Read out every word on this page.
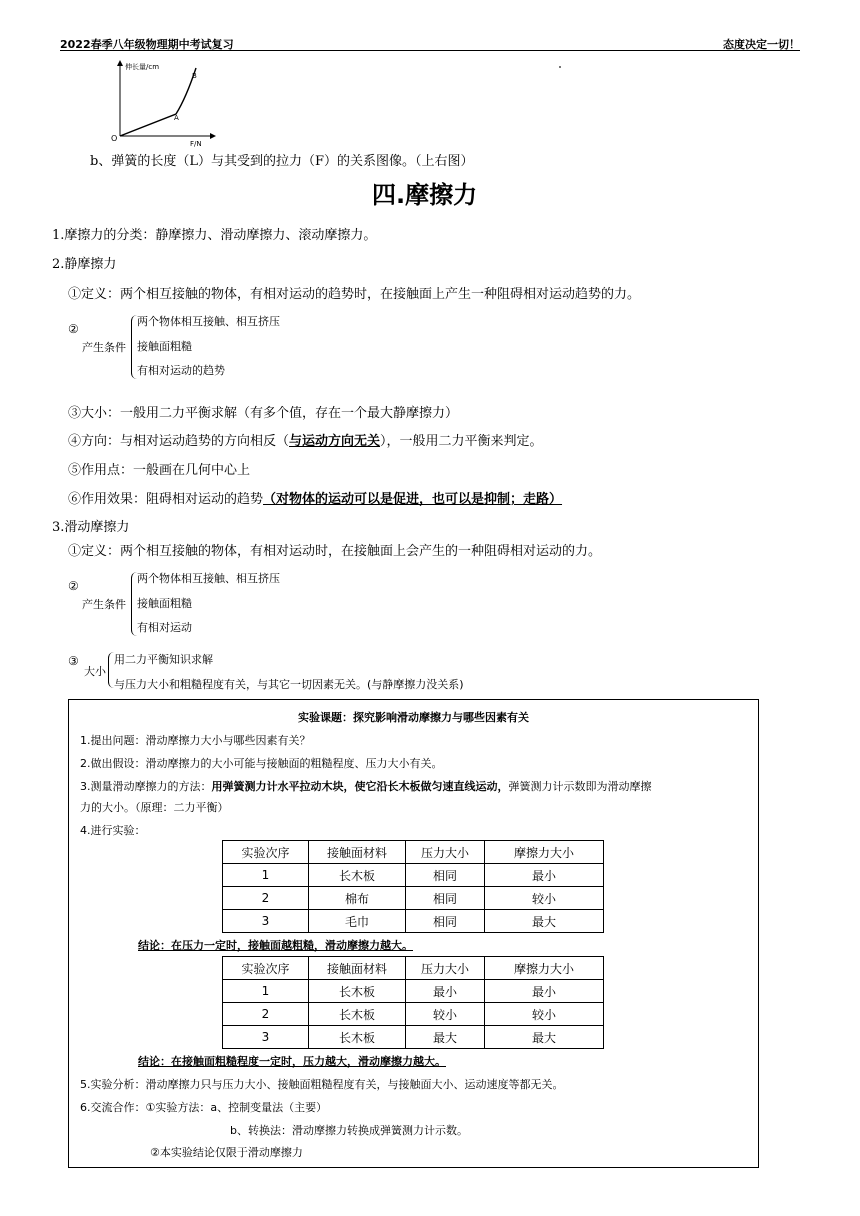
2022春季八年级物理期中考试复习	态度决定一切！
伸长量/cm
F/N
O
A
B
b、弹簧的长度（L）与其受到的拉力（F）的关系图像。（上右图）
四.摩擦力
1.摩擦力的分类：静摩擦力、滑动摩擦力、滚动摩擦力。
2.静摩擦力
①定义：两个相互接触的物体，有相对运动的趋势时，在接触面上产生一种阻碍相对运动趋势的力。
②
产生条件
两个物体相互接触、相互挤压
接触面粗糙
有相对运动的趋势
③大小：一般用二力平衡求解（有多个值，存在一个最大静摩擦力）
④方向：与相对运动趋势的方向相反（与运动方向无关），一般用二力平衡来判定。
⑤作用点：一般画在几何中心上
⑥作用效果：阻碍相对运动的趋势（对物体的运动可以是促进，也可以是抑制；走路）
3.滑动摩擦力
①定义：两个相互接触的物体，有相对运动时，在接触面上会产生的一种阻碍相对运动的力。
②
产生条件
两个物体相互接触、相互挤压
接触面粗糙
有相对运动
③
大小
用二力平衡知识求解
与压力大小和粗糙程度有关，与其它一切因素无关。(与静摩擦力没关系)
实验课题：探究影响滑动摩擦力与哪些因素有关
1.提出问题：滑动摩擦力大小与哪些因素有关？
2.做出假设：滑动摩擦力的大小可能与接触面的粗糙程度、压力大小有关。
3.测量滑动摩擦力的方法：用弹簧测力计水平拉动木块，使它沿长木板做匀速直线运动，弹簧测力计示数即为滑动摩擦
力的大小。（原理：二力平衡）
4.进行实验：
实验次序	接触面材料	压力大小	摩擦力大小
1	长木板	相同	最小
2	棉布	相同	较小
3	毛巾	相同	最大
结论：在压力一定时，接触面越粗糙，滑动摩擦力越大。
实验次序	接触面材料	压力大小	摩擦力大小
1	长木板	最小	最小
2	长木板	较小	较小
3	长木板	最大	最大
结论：在接触面粗糙程度一定时，压力越大，滑动摩擦力越大。
5.实验分析：滑动摩擦力只与压力大小、接触面粗糙程度有关，与接触面大小、运动速度等都无关。
6.交流合作：①实验方法：a、控制变量法（主要）
b、转换法：滑动摩擦力转换成弹簧测力计示数。
②本实验结论仅限于滑动摩擦力
